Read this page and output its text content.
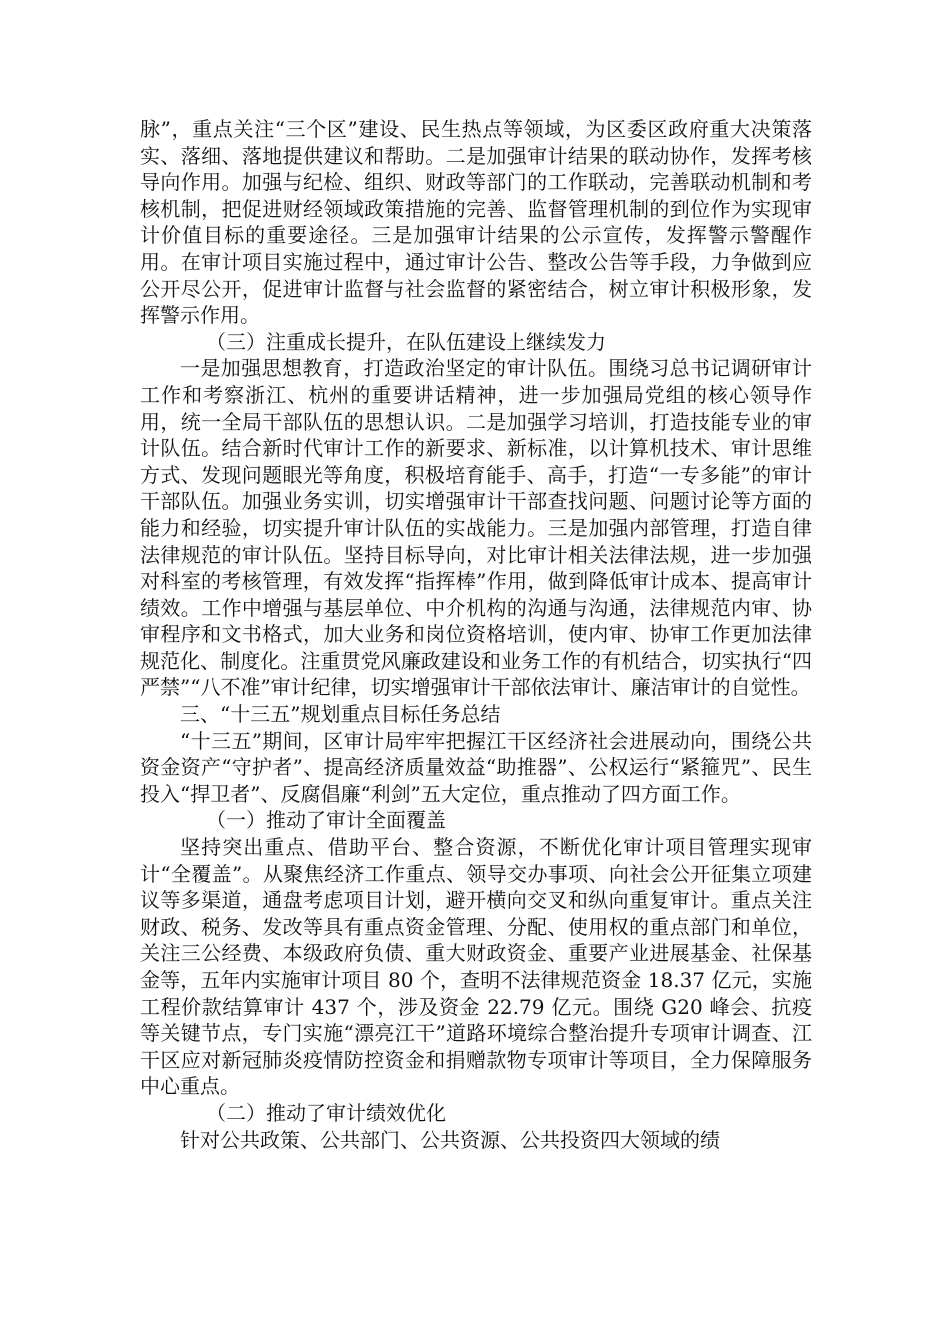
脉”，重点关注“三个区”建设、民生热点等领域，为区委区政府重大决策落实、落细、落地提供建议和帮助。二是加强审计结果的联动协作，发挥考核导向作用。加强与纪检、组织、财政等部门的工作联动，完善联动机制和考核机制，把促进财经领域政策措施的完善、监督管理机制的到位作为实现审计价值目标的重要途径。三是加强审计结果的公示宣传，发挥警示警醒作用。在审计项目实施过程中，通过审计公告、整改公告等手段，力争做到应公开尽公开，促进审计监督与社会监督的紧密结合，树立审计积极形象，发挥警示作用。

（三）注重成长提升，在队伍建设上继续发力

一是加强思想教育，打造政治坚定的审计队伍。围绕习总书记调研审计工作和考察浙江、杭州的重要讲话精神，进一步加强局党组的核心领导作用，统一全局干部队伍的思想认识。二是加强学习培训，打造技能专业的审计队伍。结合新时代审计工作的新要求、新标准，以计算机技术、审计思维方式、发现问题眼光等角度，积极培育能手、高手，打造“一专多能”的审计干部队伍。加强业务实训，切实增强审计干部查找问题、问题讨论等方面的能力和经验，切实提升审计队伍的实战能力。三是加强内部管理，打造自律法律规范的审计队伍。坚持目标导向，对比审计相关法律法规，进一步加强对科室的考核管理，有效发挥“指挥棒”作用，做到降低审计成本、提高审计绩效。工作中增强与基层单位、中介机构的沟通与沟通，法律规范内审、协审程序和文书格式，加大业务和岗位资格培训，使内审、协审工作更加法律规范化、制度化。注重贯党风廉政建设和业务工作的有机结合，切实执行“四严禁”“八不准”审计纪律，切实增强审计干部依法审计、廉洁审计的自觉性。

三、“十三五”规划重点目标任务总结

“十三五”期间，区审计局牢牢把握江干区经济社会进展动向，围绕公共资金资产“守护者”、提高经济质量效益“助推器”、公权运行“紧箍咒”、民生投入“捍卫者”、反腐倡廉“利剑”五大定位，重点推动了四方面工作。

（一）推动了审计全面覆盖

坚持突出重点、借助平台、整合资源，不断优化审计项目管理实现审计“全覆盖”。从聚焦经济工作重点、领导交办事项、向社会公开征集立项建议等多渠道，通盘考虑项目计划，避开横向交叉和纵向重复审计。重点关注财政、税务、发改等具有重点资金管理、分配、使用权的重点部门和单位，关注三公经费、本级政府负债、重大财政资金、重要产业进展基金、社保基金等，五年内实施审计项目 80 个，查明不法律规范资金 18.37 亿元，实施工程价款结算审计 437 个，涉及资金 22.79 亿元。围绕 G20 峰会、抗疫等关键节点，专门实施“漂亮江干”道路环境综合整治提升专项审计调查、江干区应对新冠肺炎疫情防控资金和捐赠款物专项审计等项目，全力保障服务中心重点。

（二）推动了审计绩效优化

针对公共政策、公共部门、公共资源、公共投资四大领域的绩
